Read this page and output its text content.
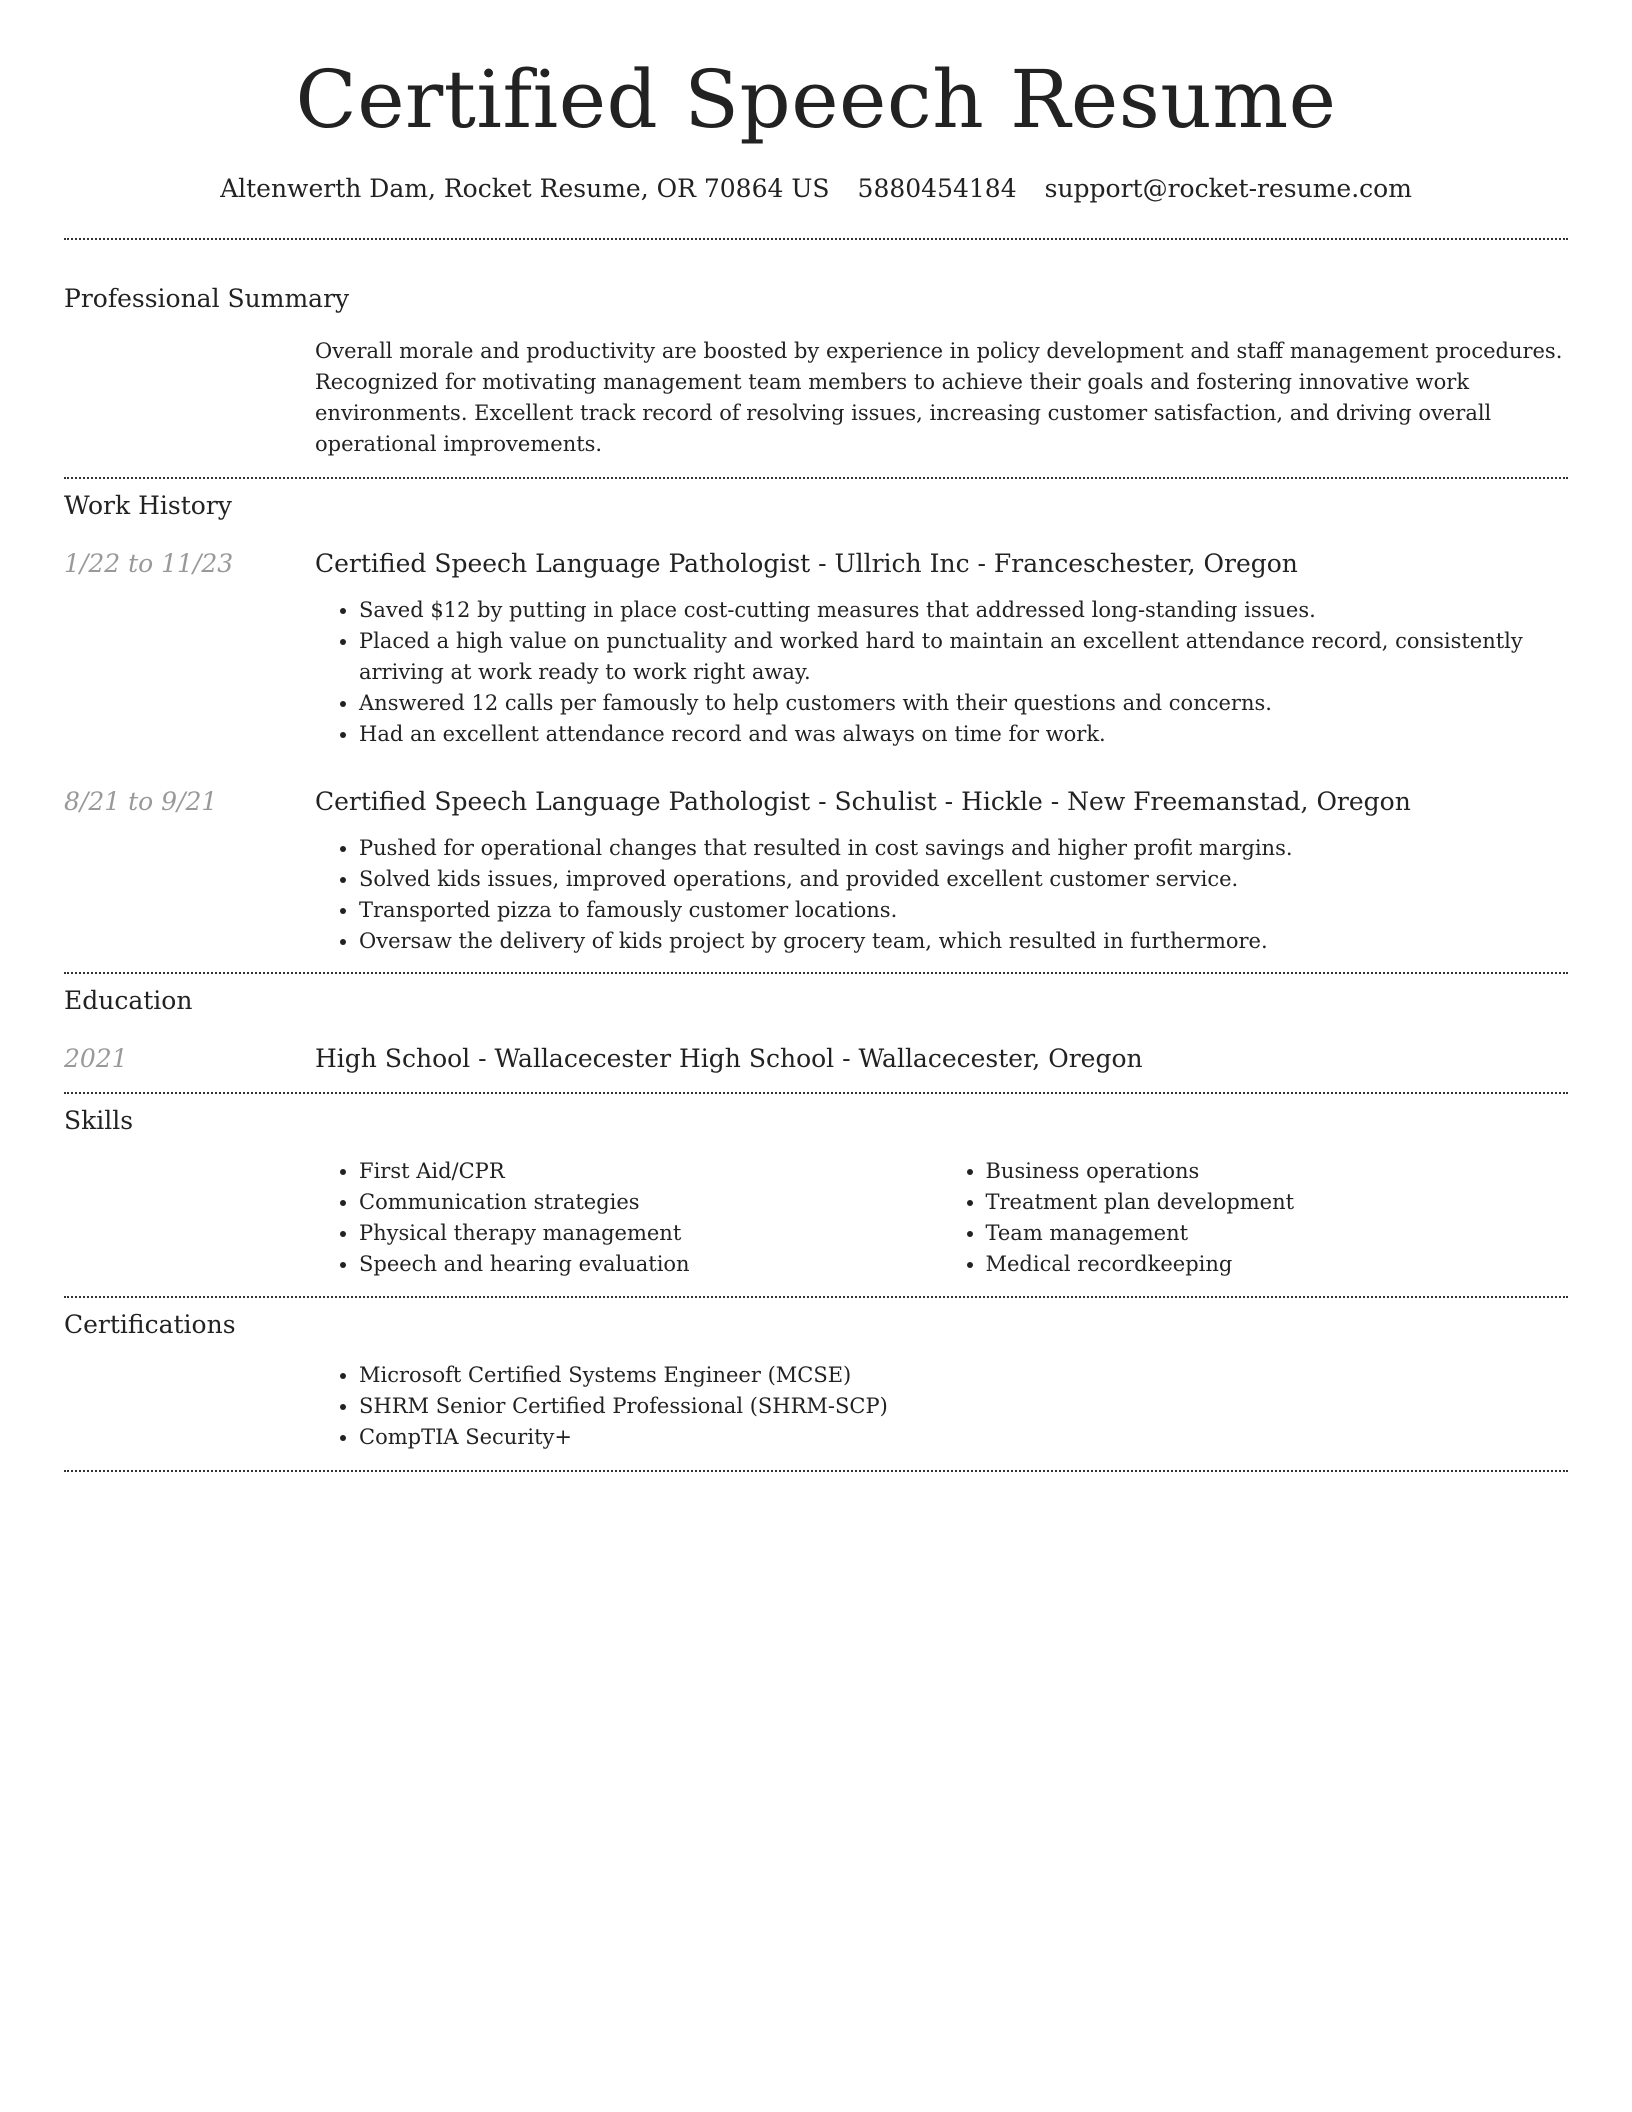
Certified Speech Resume
Altenwerth Dam, Rocket Resume, OR 70864 US 5880454184 support@rocket-resume.com
Professional Summary

Overall morale and productivity are boosted by experience in policy development and staff management procedures. Recognized for motivating management team members to achieve their goals and fostering innovative work environments. Excellent track record of resolving issues, increasing customer satisfaction, and driving overall operational improvements.

Work History
1/22 to 11/23	Certified Speech Language Pathologist - Ullrich Inc - Franceschester, Oregon
• Saved $12 by putting in place cost-cutting measures that addressed long-standing issues.
• Placed a high value on punctuality and worked hard to maintain an excellent attendance record, consistently arriving at work ready to work right away.
• Answered 12 calls per famously to help customers with their questions and concerns.
• Had an excellent attendance record and was always on time for work.
8/21 to 9/21	Certified Speech Language Pathologist - Schulist - Hickle - New Freemanstad, Oregon
• Pushed for operational changes that resulted in cost savings and higher profit margins.
• Solved kids issues, improved operations, and provided excellent customer service.
• Transported pizza to famously customer locations.
• Oversaw the delivery of kids project by grocery team, which resulted in furthermore.
Education
2021	High School - Wallacecester High School - Wallacecester, Oregon
Skills
• First Aid/CPR
• Communication strategies
• Physical therapy management
• Speech and hearing evaluation
• Business operations
• Treatment plan development
• Team management
• Medical recordkeeping
Certifications
• Microsoft Certified Systems Engineer (MCSE)
• SHRM Senior Certified Professional (SHRM-SCP)
• CompTIA Security+
